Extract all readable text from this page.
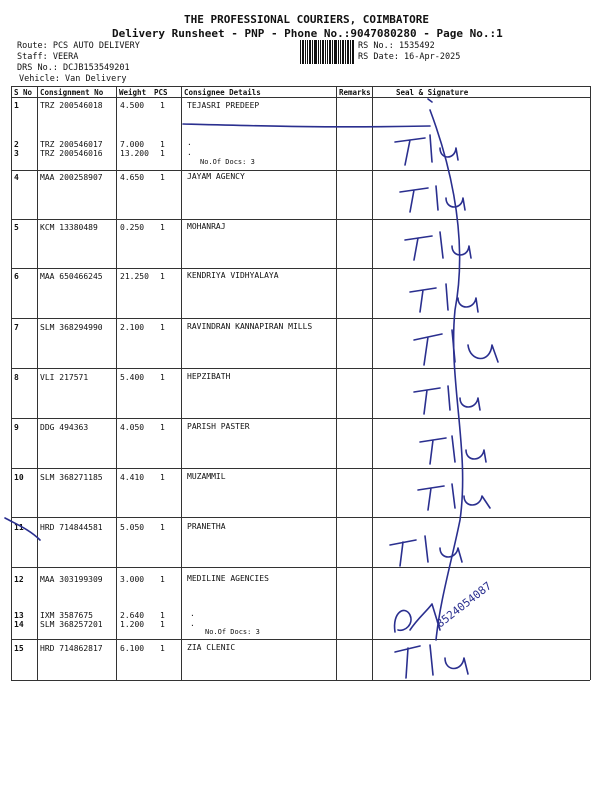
THE PROFESSIONAL COURIERS, COIMBATORE
Delivery Runsheet - PNP - Phone No.:9047080280 - Page No.:1
Route: PCS AUTO DELIVERY
Staff: VEERA
DRS No.: DCJB153549201
Vehicle: Van Delivery
RS No.: 1535492
RS Date: 16-Apr-2025
S No Consignment No Weight PCS Consignee Details	Remarks	Seal & Signature
1	TRZ 200546018 4.500 1	TEJASRI PREDEEP
2	TRZ 200546017 7.000 1	.
3	TRZ 200546016 13.200 1	.
No.Of Docs: 3
4	MAA 200258907 4.650 1	JAYAM AGENCY
5	KCM 13380489	0.250 1	MOHANRAJ
6	MAA 650466245 21.250 1	KENDRIYA VIDHYALAYA
7	SLM 368294990 2.100 1	RAVINDRAN KANNAPIRAN MILLS
8	VLI 217571	5.400 1	HEPZIBATH
9	DDG 494363	4.050 1	PARISH PASTER
10 SLM 368271185 4.410 1	MUZAMMIL
11 HRD 714844581 5.050 1	PRANETHA
12 MAA 303199309 3.000 1	MEDILINE AGENCIES
13 IXM 3587675	2.640 1	.
14 SLM 368257201 1.200 1	.
No.Of Docs: 3
15 HRD 714862817 6.100 1	ZIA CLENIC
8524054087
